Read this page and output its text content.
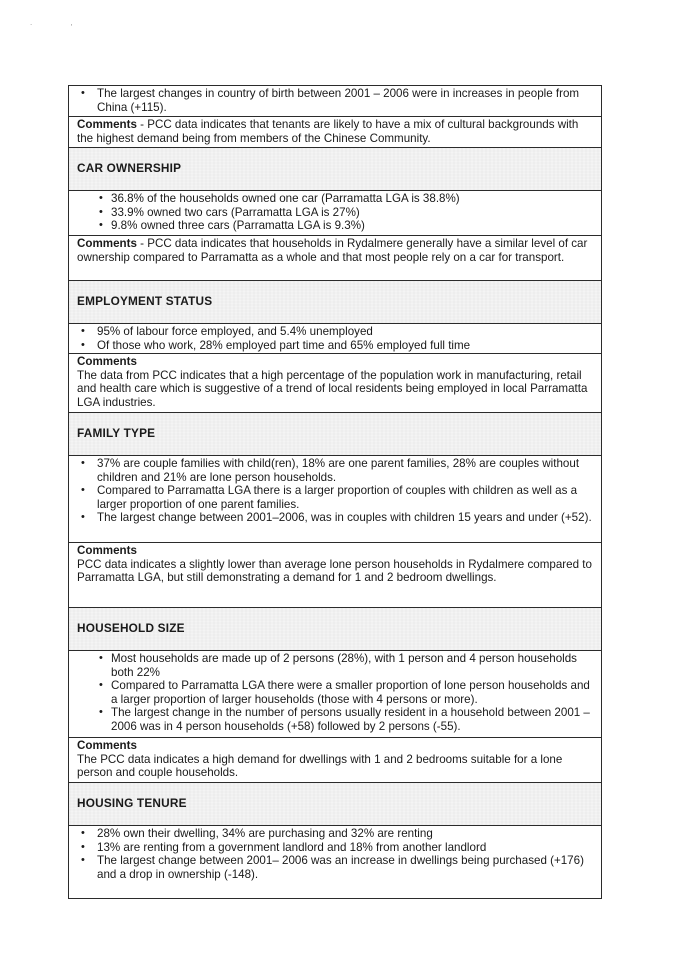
. ,
• The largest changes in country of birth between 2001 – 2006 were in increases in people from China (+115).

Comments - PCC data indicates that tenants are likely to have a mix of cultural backgrounds with the highest demand being from members of the Chinese Community.
CAR OWNERSHIP

• 36.8% of the households owned one car (Parramatta LGA is 38.8%)
• 33.9% owned two cars (Parramatta LGA is 27%)
• 9.8% owned three cars (Parramatta LGA is 9.3%)

Comments - PCC data indicates that households in Rydalmere generally have a similar level of car ownership compared to Parramatta as a whole and that most people rely on a car for transport.
EMPLOYMENT STATUS

• 95% of labour force employed, and 5.4% unemployed
• Of those who work, 28% employed part time and 65% employed full time

Comments
The data from PCC indicates that a high percentage of the population work in manufacturing, retail and health care which is suggestive of a trend of local residents being employed in local Parramatta LGA industries.
FAMILY TYPE

• 37% are couple families with child(ren), 18% are one parent families, 28% are couples without children and 21% are lone person households.
• Compared to Parramatta LGA there is a larger proportion of couples with children as well as a larger proportion of one parent families.
• The largest change between 2001–2006, was in couples with children 15 years and under (+52).

Comments
PCC data indicates a slightly lower than average lone person households in Rydalmere compared to Parramatta LGA, but still demonstrating a demand for 1 and 2 bedroom dwellings.
HOUSEHOLD SIZE

• Most households are made up of 2 persons (28%), with 1 person and 4 person households both 22%
• Compared to Parramatta LGA there were a smaller proportion of lone person households and a larger proportion of larger households (those with 4 persons or more).
• The largest change in the number of persons usually resident in a household between 2001 – 2006 was in 4 person households (+58) followed by 2 persons (-55).

Comments
The PCC data indicates a high demand for dwellings with 1 and 2 bedrooms suitable for a lone person and couple households.
HOUSING TENURE

• 28% own their dwelling, 34% are purchasing and 32% are renting
• 13% are renting from a government landlord and 18% from another landlord
• The largest change between 2001– 2006 was an increase in dwellings being purchased (+176) and a drop in ownership (-148).
